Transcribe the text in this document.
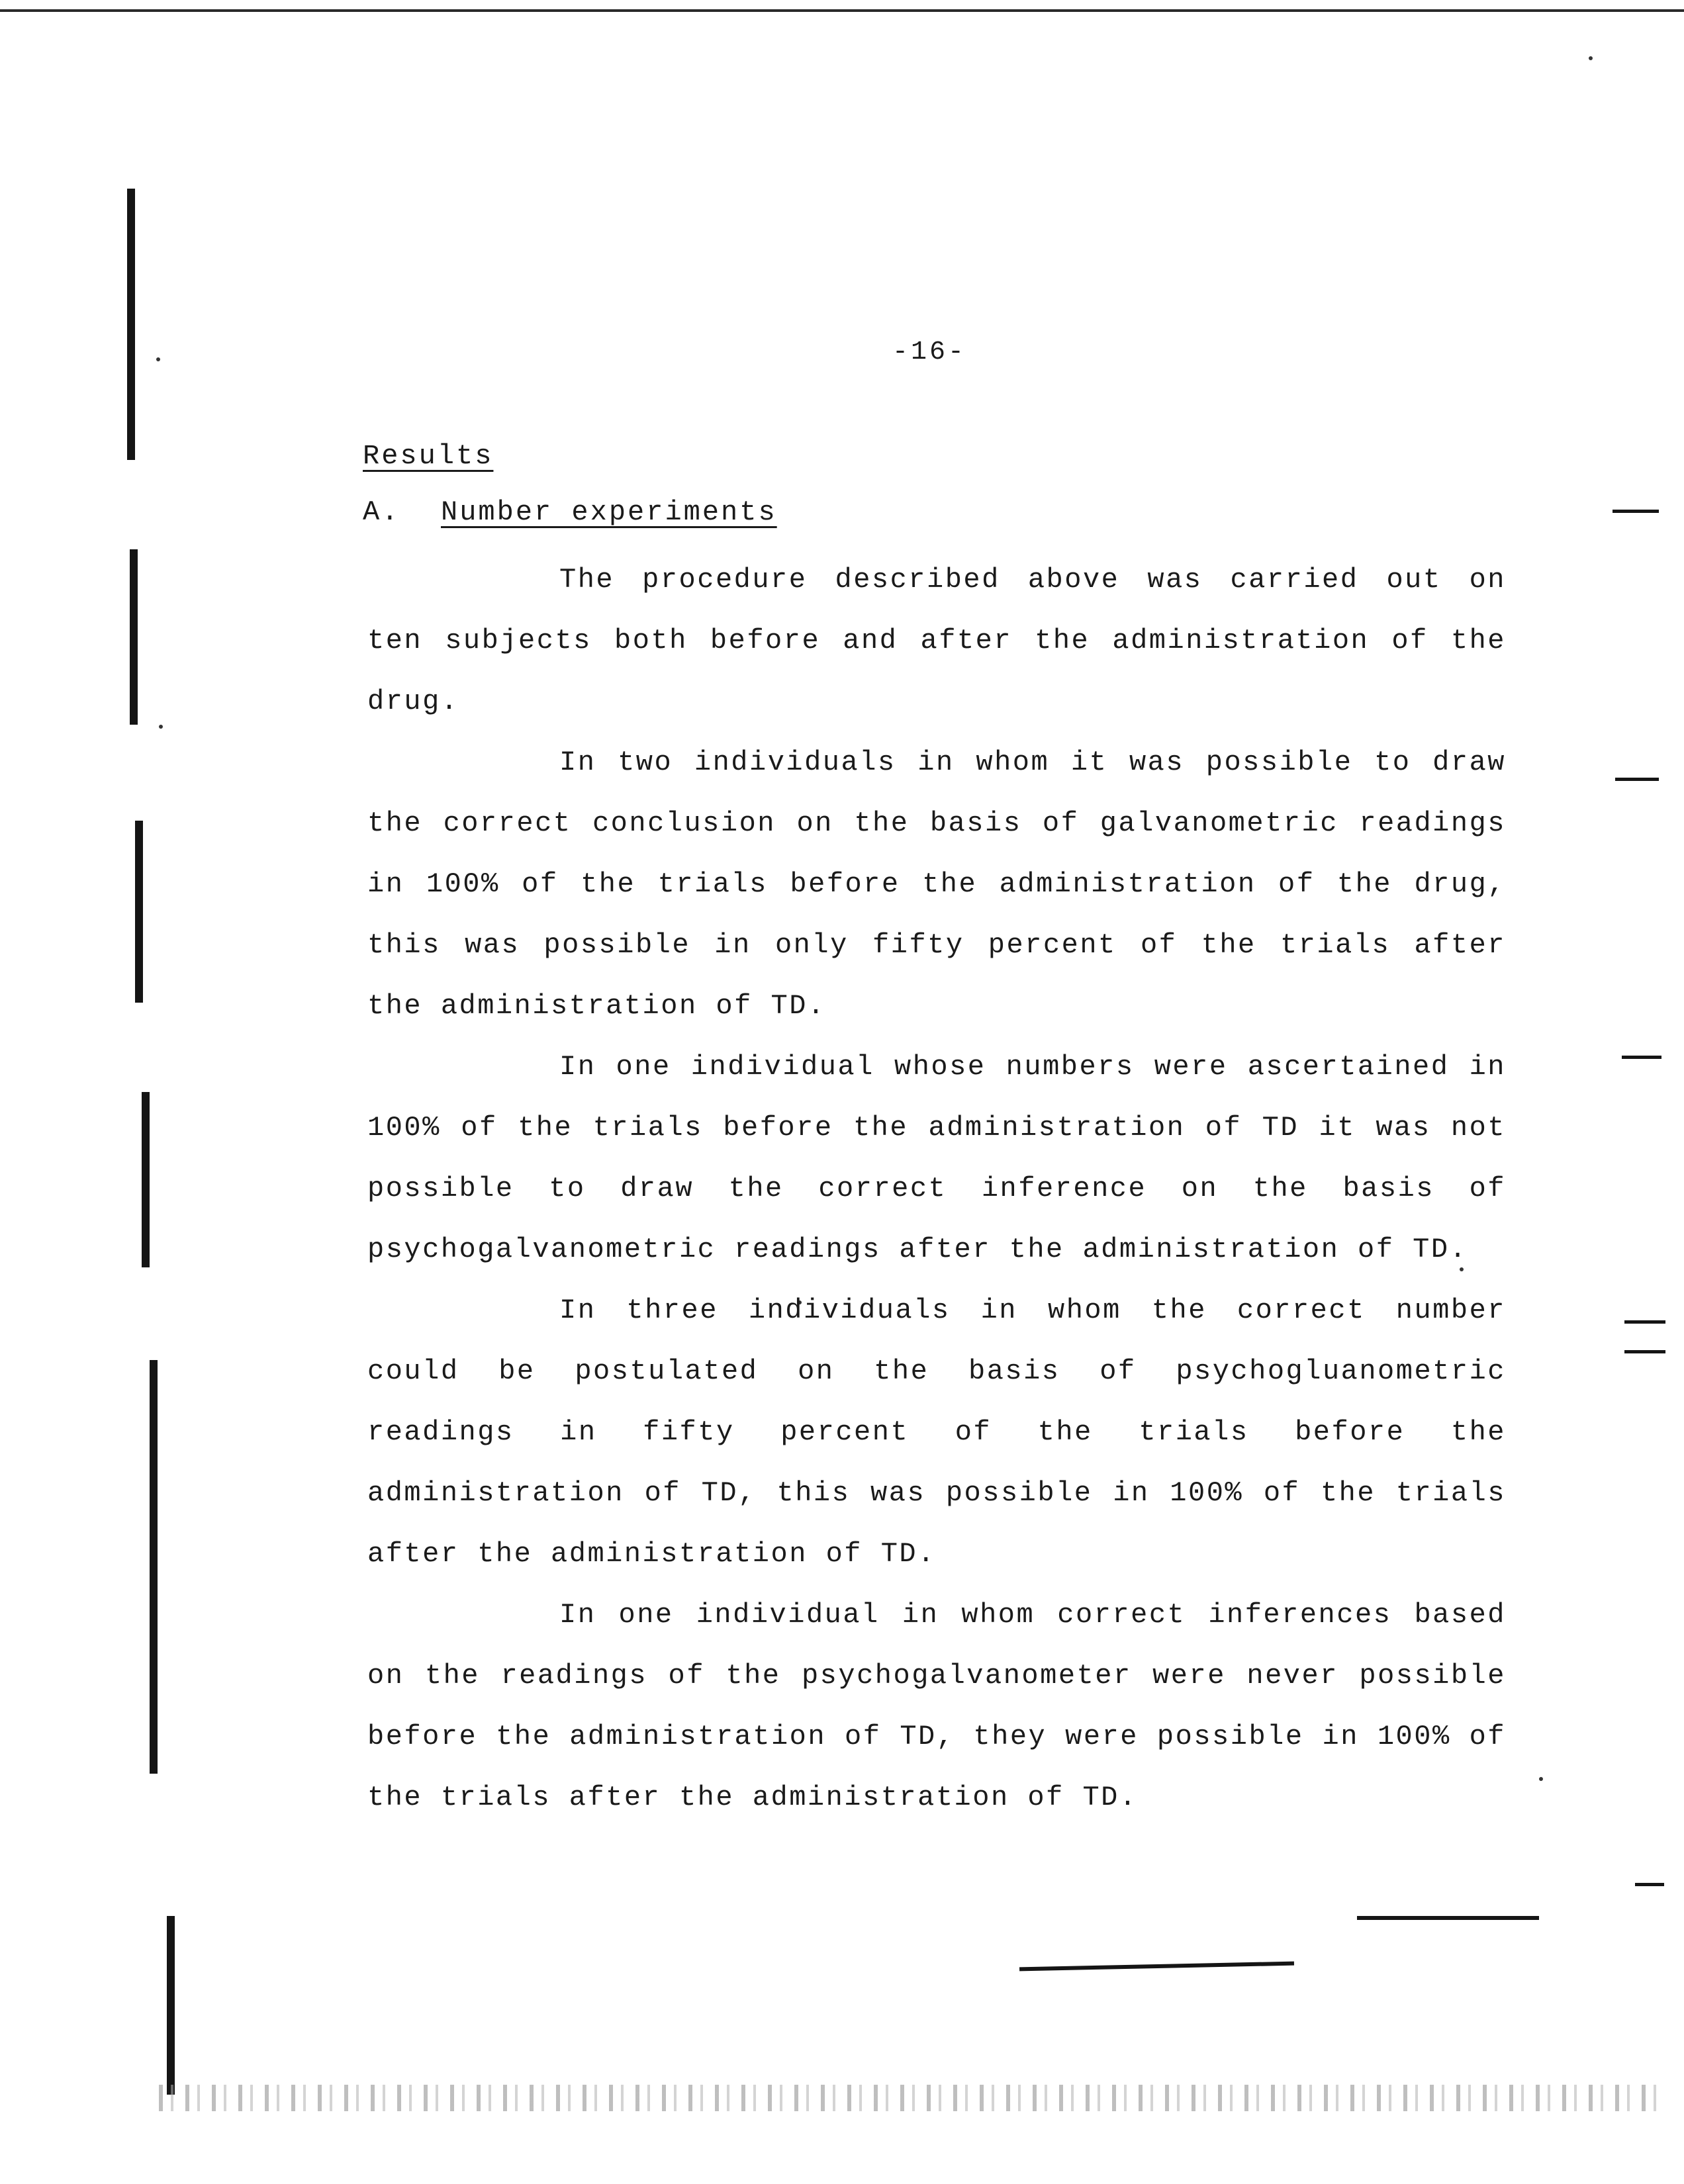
-16-
Results
A. Number experiments

The procedure described above was carried out on ten subjects both before and after the administration of the drug.

In two individuals in whom it was possible to draw the correct conclusion on the basis of galvanometric readings in 100% of the trials before the administration of the drug, this was possible in only fifty percent of the trials after the administration of TD.

In one individual whose numbers were ascertained in 100% of the trials before the administration of TD it was not possible to draw the correct inference on the basis of psychogalvanometric readings after the administration of TD.

In three individuals in whom the correct number could be postulated on the basis of psychogluanometric readings in fifty percent of the trials before the administration of TD, this was possible in 100% of the trials after the administration of TD.

In one individual in whom correct inferences based on the readings of the psychogalvanometer were never possible before the administration of TD, they were possible in 100% of the trials after the administration of TD.
